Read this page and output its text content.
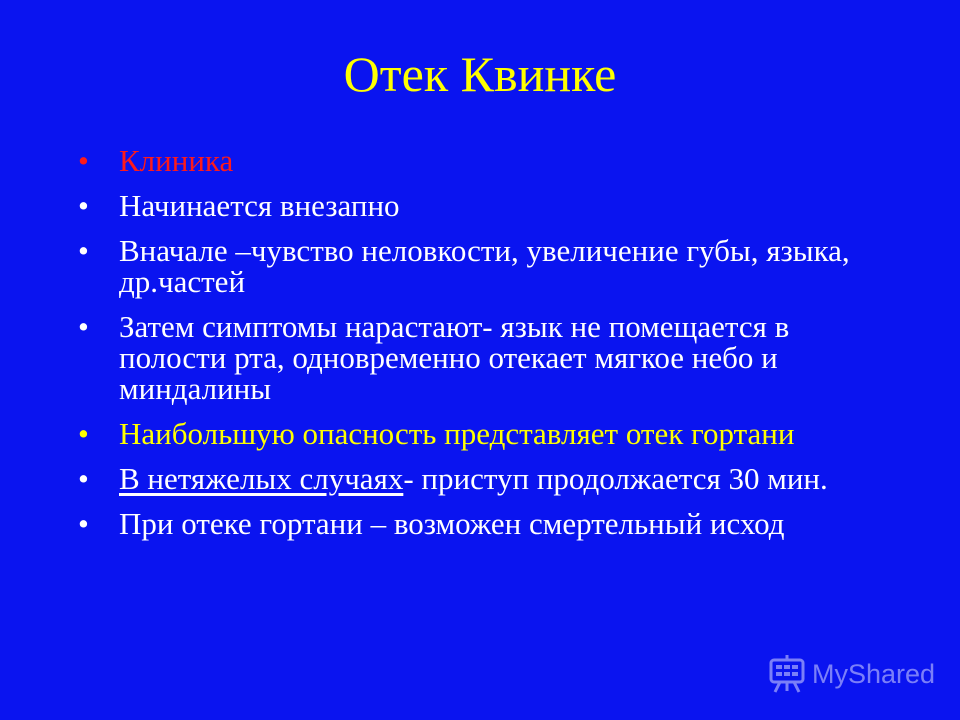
Отек Квинке
• Клиника
• Начинается внезапно
• Вначале –чувство неловкости, увеличение губы, языка, др.частей
• Затем симптомы нарастают- язык не помещается в полости рта, одновременно отекает мягкое небо и миндалины
• Наибольшую опасность представляет отек гортани
• В нетяжелых случаях- приступ продолжается 30 мин.
• При отеке гортани – возможен смертельный исход
MyShared
